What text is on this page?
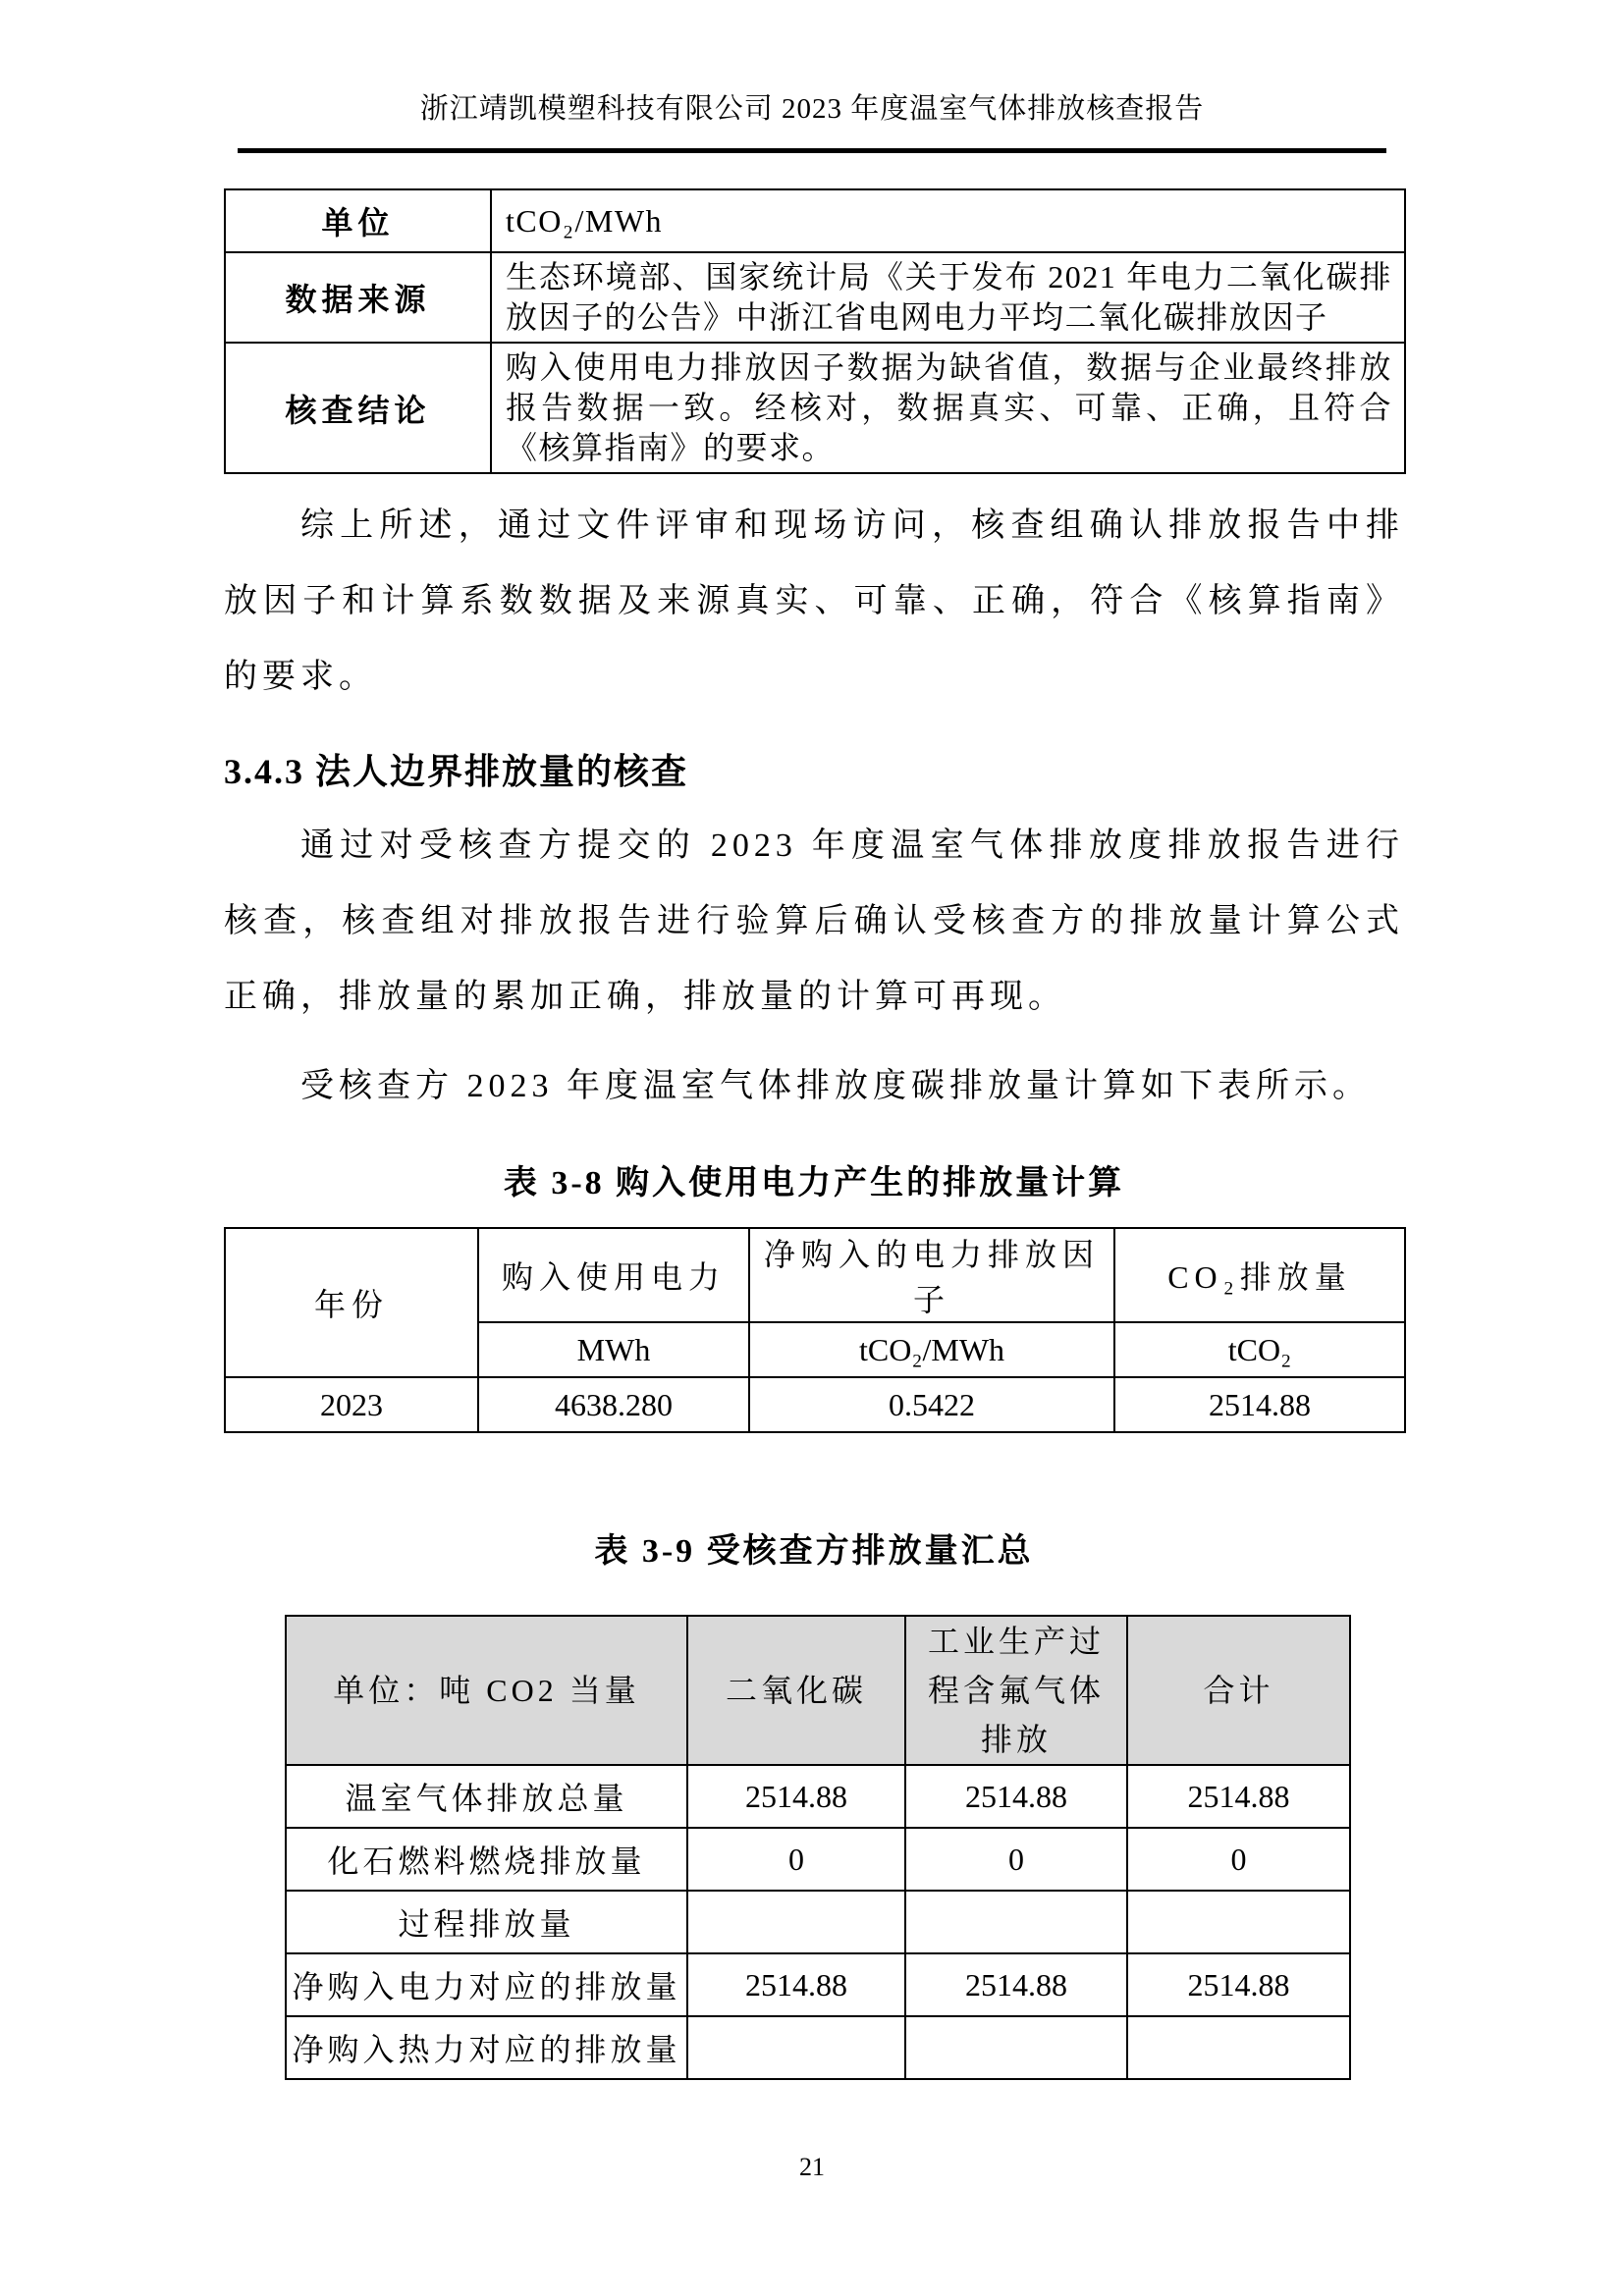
浙江靖凯模塑科技有限公司 2023 年度温室气体排放核查报告
单位	tCO₂/MWh
数据来源	生态环境部、国家统计局《关于发布 2021 年电力二氧化碳排放因子的公告》中浙江省电网电力平均二氧化碳排放因子
核查结论	购入使用电力排放因子数据为缺省值，数据与企业最终排放报告数据一致。经核对，数据真实、可靠、正确，且符合《核算指南》的要求。

综上所述，通过文件评审和现场访问，核查组确认排放报告中排放因子和计算系数数据及来源真实、可靠、正确，符合《核算指南》的要求。

3.4.3 法人边界排放量的核查

通过对受核查方提交的 2023 年度温室气体排放度排放报告进行核查，核查组对排放报告进行验算后确认受核查方的排放量计算公式正确，排放量的累加正确，排放量的计算可再现。

受核查方 2023 年度温室气体排放度碳排放量计算如下表所示。

表 3-8 购入使用电力产生的排放量计算
年份	购入使用电力	净购入的电力排放因子	CO₂排放量
	MWh	tCO₂/MWh	tCO₂
2023	4638.280	0.5422	2514.88
表 3-9 受核查方排放量汇总
单位：吨 CO2 当量	二氧化碳	工业生产过程含氟气体排放	合计
温室气体排放总量	2514.88	2514.88	2514.88
化石燃料燃烧排放量	0	0	0
过程排放量			
净购入电力对应的排放量	2514.88	2514.88	2514.88
净购入热力对应的排放量			
21
